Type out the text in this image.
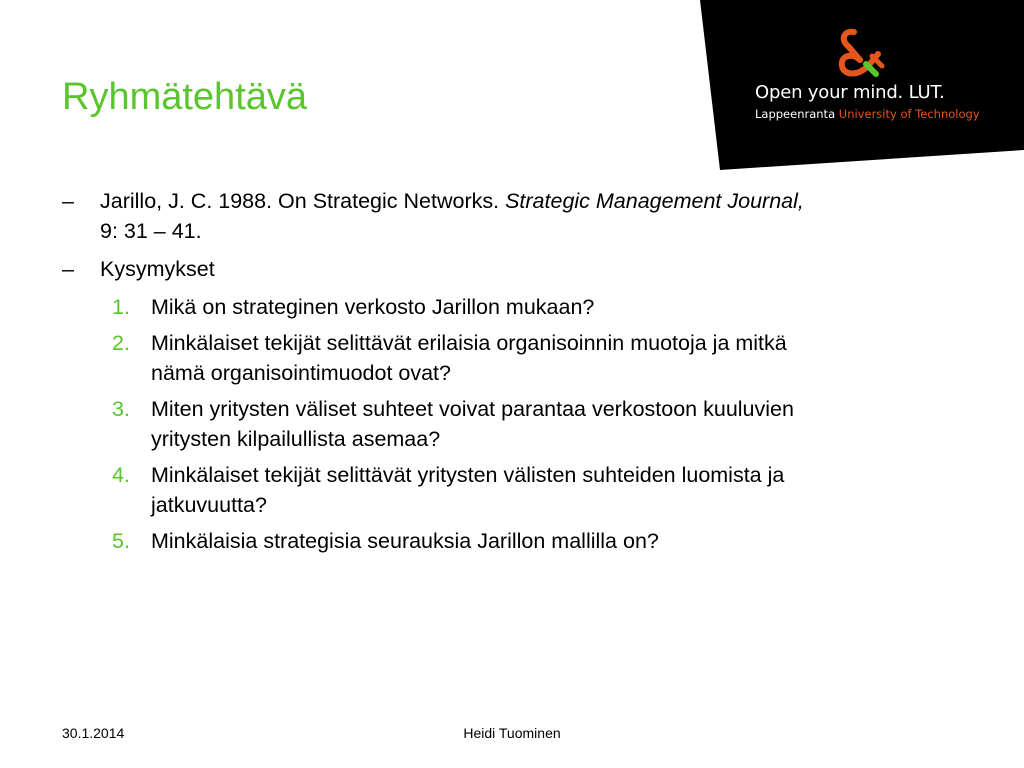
Open your mind. LUT.
Lappeenranta University of Technology
Ryhmätehtävä
– Jarillo, J. C. 1988. On Strategic Networks. Strategic Management Journal,
9: 31 – 41.
– Kysymykset
1. Mikä on strateginen verkosto Jarillon mukaan?
2. Minkälaiset tekijät selittävät erilaisia organisoinnin muotoja ja mitkä
nämä organisointimuodot ovat?
3. Miten yritysten väliset suhteet voivat parantaa verkostoon kuuluvien
yritysten kilpailullista asemaa?
4. Minkälaiset tekijät selittävät yritysten välisten suhteiden luomista ja
jatkuvuutta?
5. Minkälaisia strategisia seurauksia Jarillon mallilla on?
30.1.2014	Heidi Tuominen
